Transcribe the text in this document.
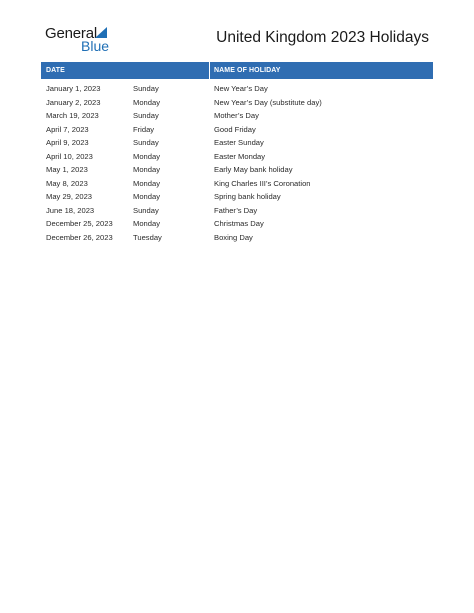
General
Blue	United Kingdom 2023 Holidays
DATE	NAME OF HOLIDAY
January 1, 2023	Sunday	New Year’s Day
January 2, 2023	Monday	New Year’s Day (substitute day)
March 19, 2023	Sunday	Mother’s Day
April 7, 2023	Friday	Good Friday
April 9, 2023	Sunday	Easter Sunday
April 10, 2023	Monday	Easter Monday
May 1, 2023	Monday	Early May bank holiday
May 8, 2023	Monday	King Charles III’s Coronation
May 29, 2023	Monday	Spring bank holiday
June 18, 2023	Sunday	Father’s Day
December 25, 2023	Monday	Christmas Day
December 26, 2023	Tuesday	Boxing Day
